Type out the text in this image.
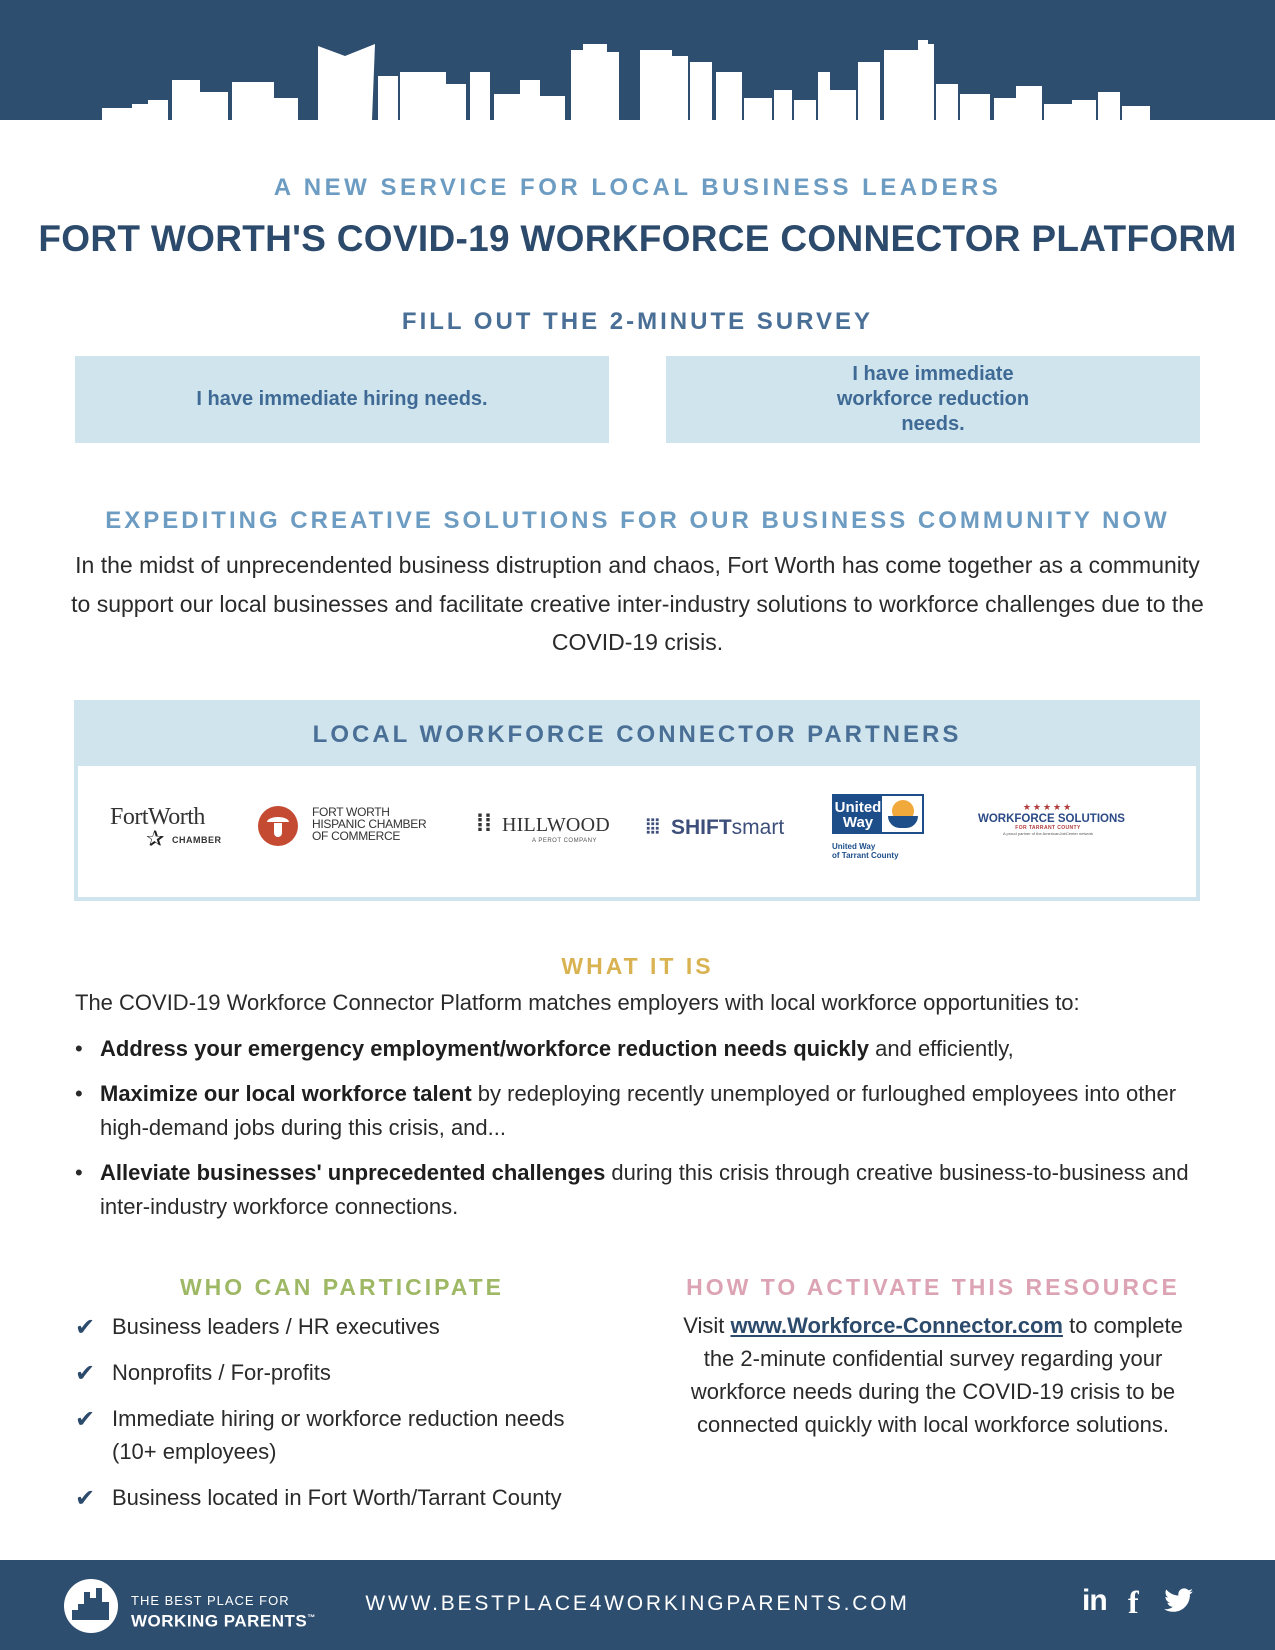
A NEW SERVICE FOR LOCAL BUSINESS LEADERS
FORT WORTH'S COVID-19 WORKFORCE CONNECTOR PLATFORM
FILL OUT THE 2-MINUTE SURVEY
I have immediate hiring needs.
I have immediate workforce reduction needs.
EXPEDITING CREATIVE SOLUTIONS FOR OUR BUSINESS COMMUNITY NOW
In the midst of unprecendented business distruption and chaos, Fort Worth has come together as a community to support our local businesses and facilitate creative inter-industry solutions to workforce challenges due to the COVID-19 crisis.
LOCAL WORKFORCE CONNECTOR PARTNERS
FortWorth
✰ CHAMBER
FORT WORTH
HISPANIC CHAMBER
OF COMMERCE	⁞⁞ HILLWOOD
A PEROT COMPANY
⦙⦙⦙ SHIFTsmart
United
Way
United Way
of Tarrant County
★★★★★
WORKFORCE SOLUTIONS
FOR TARRANT COUNTY
A proud partner of the AmericanJobCenter network
WHAT IT IS
The COVID-19 Workforce Connector Platform matches employers with local workforce opportunities to:
• Address your emergency employment/workforce reduction needs quickly and efficiently,
• Maximize our local workforce talent by redeploying recently unemployed or furloughed employees into other high-demand jobs during this crisis, and...
• Alleviate businesses' unprecedented challenges during this crisis through creative business-to-business and inter-industry workforce connections.
WHO CAN PARTICIPATE
✔ Business leaders / HR executives
✔ Nonprofits / For-profits
✔ Immediate hiring or workforce reduction needs (10+ employees)
✔ Business located in Fort Worth/Tarrant County
HOW TO ACTIVATE THIS RESOURCE
Visit www.Workforce-Connector.com to complete the 2-minute confidential survey regarding your workforce needs during the COVID-19 crisis to be connected quickly with local workforce solutions.
THE BEST PLACE FOR
WORKING PARENTS™
WWW.BESTPLACE4WORKINGPARENTS.COM	in f
